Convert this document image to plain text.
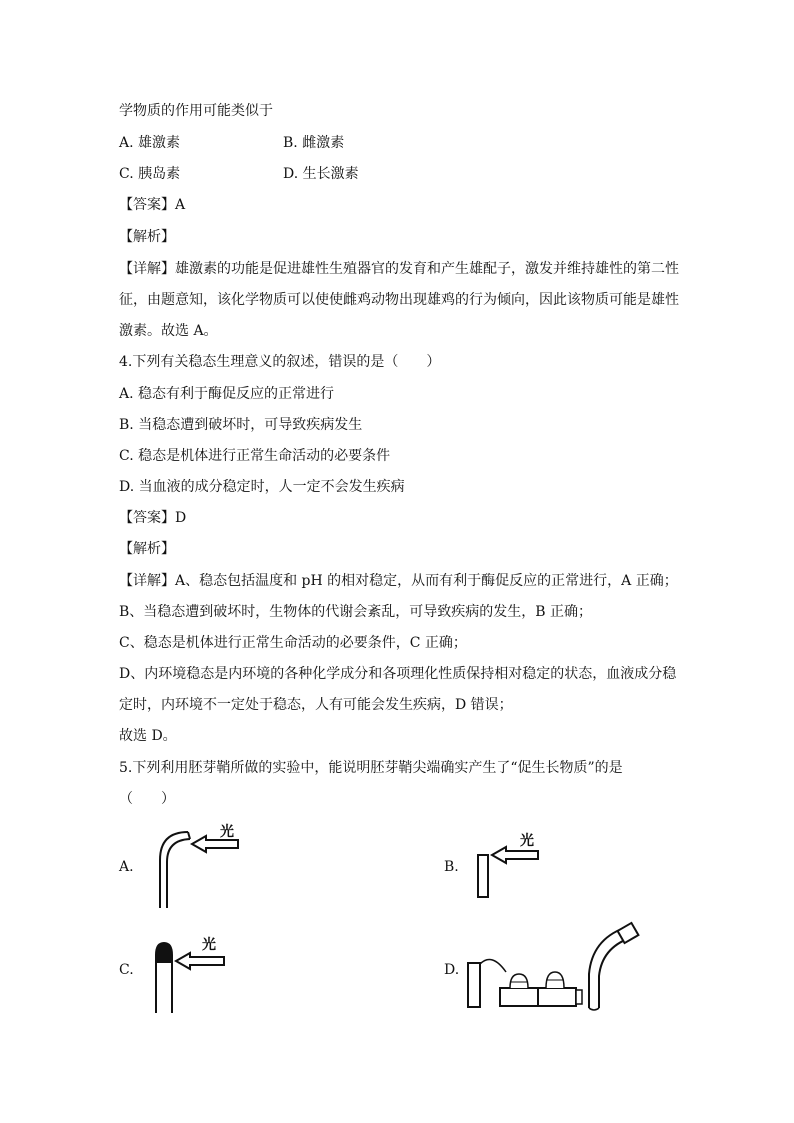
学物质的作用可能类似于
A. 雄激素	B. 雌激素
C. 胰岛素	D. 生长激素
【答案】A
【解析】
【详解】雄激素的功能是促进雄性生殖器官的发育和产生雄配子，激发并维持雄性的第二性
征，由题意知，该化学物质可以使使雌鸡动物出现雄鸡的行为倾向，因此该物质可能是雄性
激素。故选 A。
4.下列有关稳态生理意义的叙述，错误的是（　　）
A. 稳态有利于酶促反应的正常进行
B. 当稳态遭到破坏时，可导致疾病发生
C. 稳态是机体进行正常生命活动的必要条件
D. 当血液的成分稳定时，人一定不会发生疾病
【答案】D
【解析】
【详解】A、稳态包括温度和 pH 的相对稳定，从而有利于酶促反应的正常进行，A 正确；
B、当稳态遭到破坏时，生物体的代谢会紊乱，可导致疾病的发生，B 正确；
C、稳态是机体进行正常生命活动的必要条件，C 正确；
D、内环境稳态是内环境的各种化学成分和各项理化性质保持相对稳定的状态，血液成分稳
定时，内环境不一定处于稳态，人有可能会发生疾病，D 错误；
故选 D。
5.下列利用胚芽鞘所做的实验中，能说明胚芽鞘尖端确实产生了“促生长物质”的是
（　　）
A.	B.
C.	D.
光
光
光
